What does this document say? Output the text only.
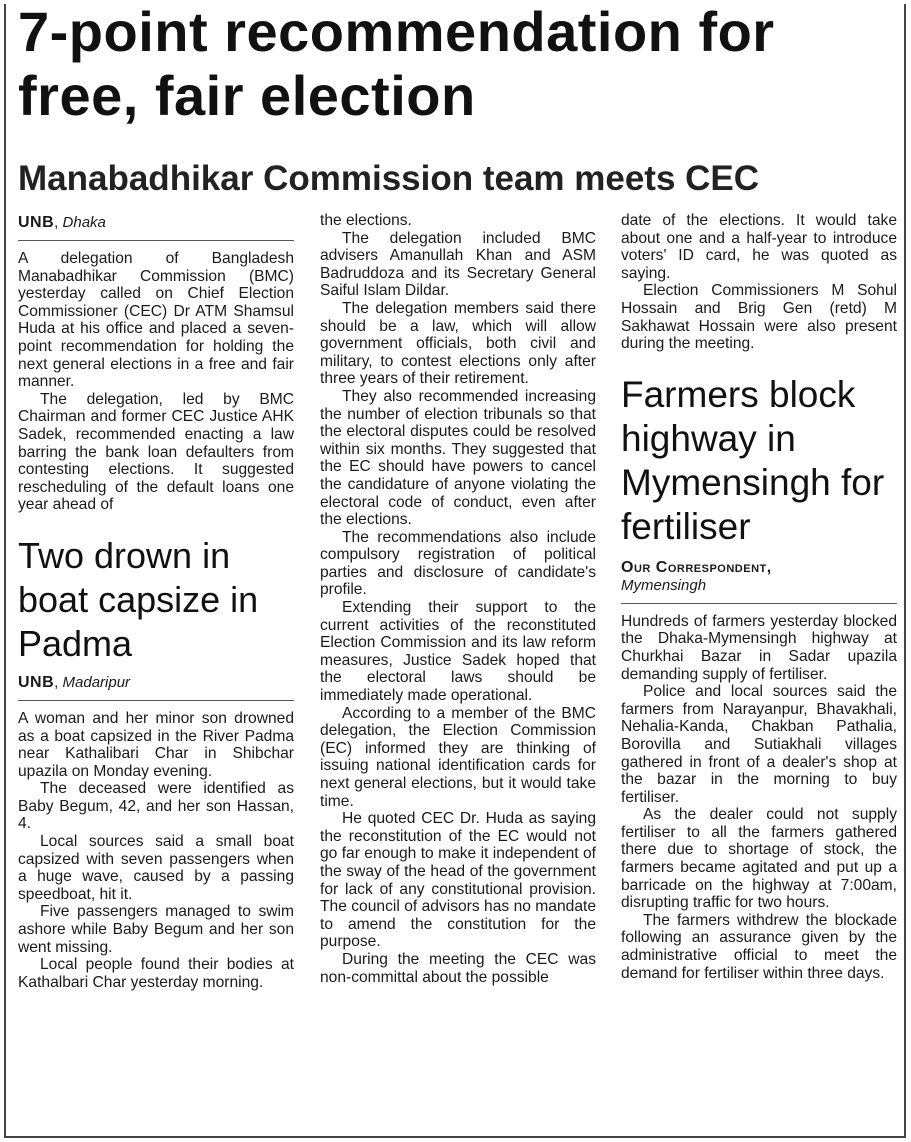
7-point recommendation for
free, fair election
Manabadhikar Commission team meets CEC
UNB, Dhaka

A delegation of Bangladesh Manabadhikar Commission (BMC) yesterday called on Chief Election Commissioner (CEC) Dr ATM Shamsul Huda at his office and placed a seven-point recommendation for holding the next general elections in a free and fair manner.

The delegation, led by BMC Chairman and former CEC Justice AHK Sadek, recommended enacting a law barring the bank loan defaulters from contesting elections. It suggested rescheduling of the default loans one year ahead of

Two drown in boat capsize in Padma
UNB, Madaripur

A woman and her minor son drowned as a boat capsized in the River Padma near Kathalibari Char in Shibchar upazila on Monday evening.

The deceased were identified as Baby Begum, 42, and her son Hassan, 4.

Local sources said a small boat capsized with seven passengers when a huge wave, caused by a passing speedboat, hit it.

Five passengers managed to swim ashore while Baby Begum and her son went missing.

Local people found their bodies at Kathalbari Char yesterday morning.

the elections.

The delegation included BMC advisers Amanullah Khan and ASM Badruddoza and its Secretary General Saiful Islam Dildar.

The delegation members said there should be a law, which will allow government officials, both civil and military, to contest elections only after three years of their retirement.

They also recommended increasing the number of election tribunals so that the electoral disputes could be resolved within six months. They suggested that the EC should have powers to cancel the candidature of anyone violating the electoral code of conduct, even after the elections.

The recommendations also include compulsory registration of political parties and disclosure of candidate's profile.

Extending their support to the current activities of the reconstituted Election Commission and its law reform measures, Justice Sadek hoped that the electoral laws should be immediately made operational.

According to a member of the BMC delegation, the Election Commission (EC) informed they are thinking of issuing national identification cards for next general elections, but it would take time.

He quoted CEC Dr. Huda as saying the reconstitution of the EC would not go far enough to make it independent of the sway of the head of the government for lack of any constitutional provision. The council of advisors has no mandate to amend the constitution for the purpose.

During the meeting the CEC was non-committal about the possible

date of the elections. It would take about one and a half-year to introduce voters' ID card, he was quoted as saying.

Election Commissioners M Sohul Hossain and Brig Gen (retd) M Sakhawat Hossain were also present during the meeting.

Farmers block highway in Mymensingh for fertiliser
Our Correspondent,
Mymensingh

Hundreds of farmers yesterday blocked the Dhaka-Mymensingh highway at Churkhai Bazar in Sadar upazila demanding supply of fertiliser.

Police and local sources said the farmers from Narayanpur, Bhavakhali, Nehalia-Kanda, Chakban Pathalia, Borovilla and Sutiakhali villages gathered in front of a dealer's shop at the bazar in the morning to buy fertiliser.

As the dealer could not supply fertiliser to all the farmers gathered there due to shortage of stock, the farmers became agitated and put up a barricade on the highway at 7:00am, disrupting traffic for two hours.

The farmers withdrew the blockade following an assurance given by the administrative official to meet the demand for fertiliser within three days.
